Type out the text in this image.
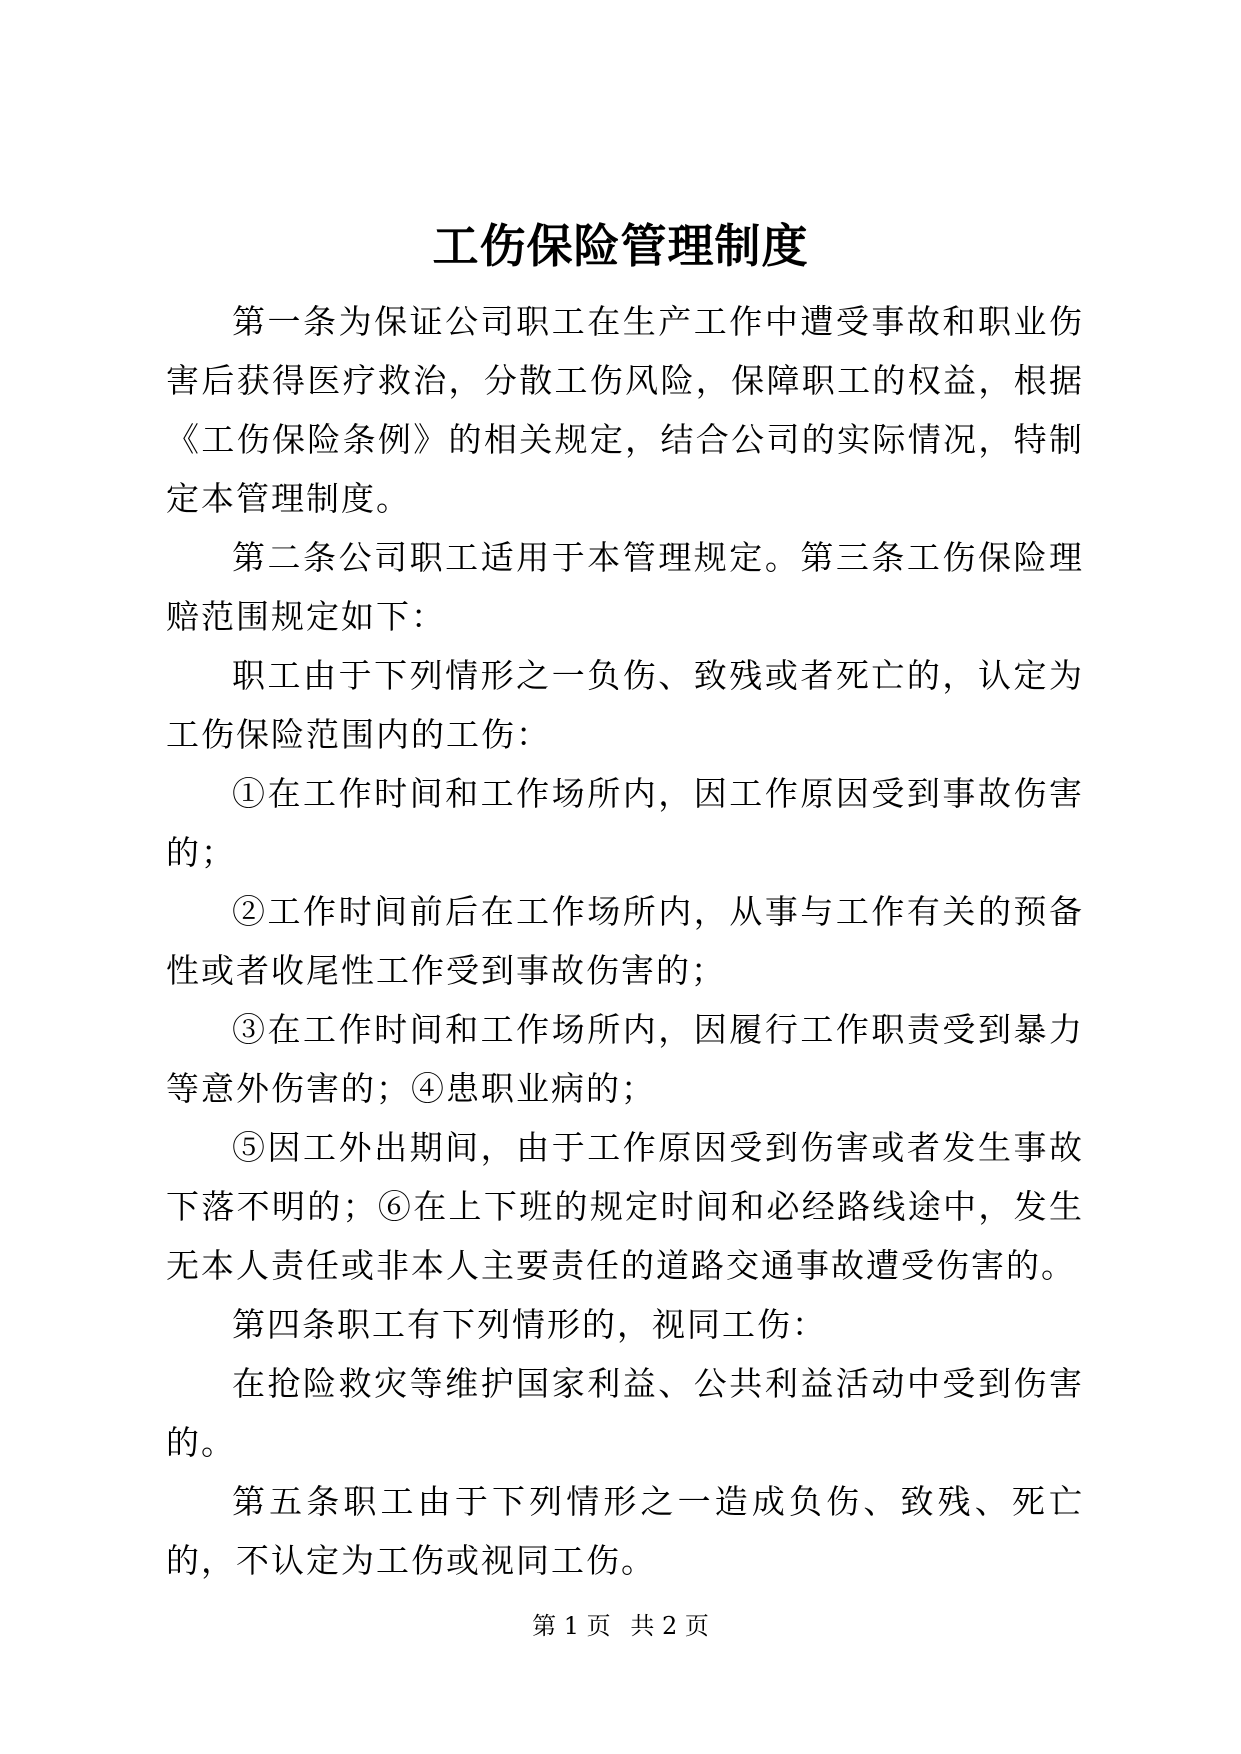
工伤保险管理制度

第一条为保证公司职工在生产工作中遭受事故和职业伤害后获得医疗救治，分散工伤风险，保障职工的权益，根据《工伤保险条例》的相关规定，结合公司的实际情况，特制定本管理制度。

第二条公司职工适用于本管理规定。第三条工伤保险理赔范围规定如下：

职工由于下列情形之一负伤、致残或者死亡的，认定为工伤保险范围内的工伤：

①在工作时间和工作场所内，因工作原因受到事故伤害的；

②工作时间前后在工作场所内，从事与工作有关的预备性或者收尾性工作受到事故伤害的；

③在工作时间和工作场所内，因履行工作职责受到暴力等意外伤害的；④患职业病的；

⑤因工外出期间，由于工作原因受到伤害或者发生事故下落不明的；⑥在上下班的规定时间和必经路线途中，发生无本人责任或非本人主要责任的道路交通事故遭受伤害的。

第四条职工有下列情形的，视同工伤：

在抢险救灾等维护国家利益、公共利益活动中受到伤害的。

第五条职工由于下列情形之一造成负伤、致残、死亡的，不认定为工伤或视同工伤。

第 1 页 共 2 页
